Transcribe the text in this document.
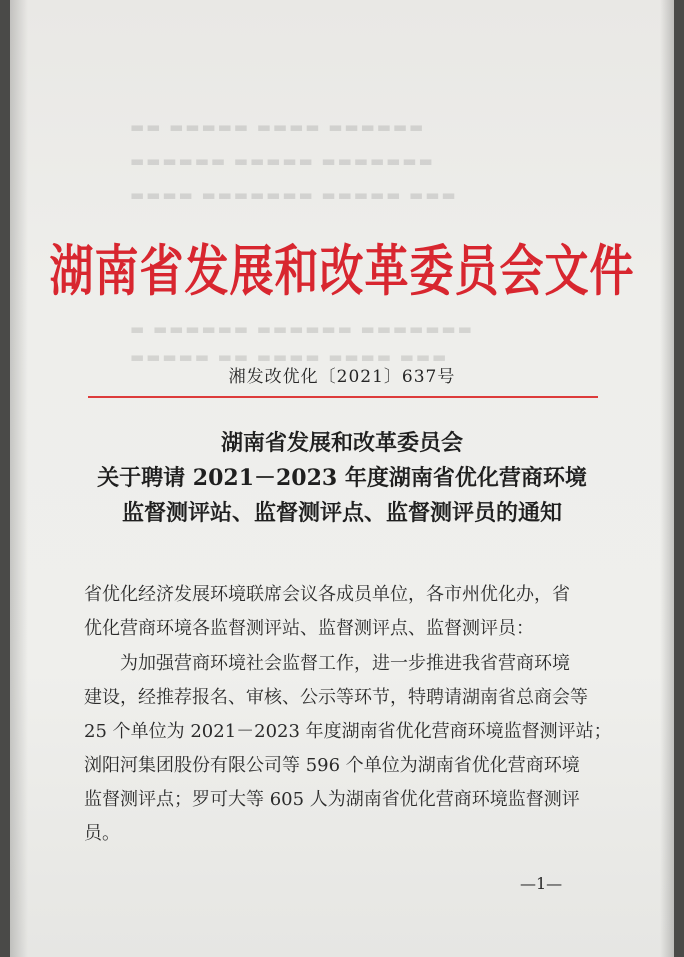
▬▬ ▬▬▬▬▬ ▬▬▬▬ ▬▬▬▬▬▬
▬▬▬▬▬▬ ▬▬▬▬▬ ▬▬▬▬▬▬▬
▬▬▬▬ ▬▬▬▬▬▬▬ ▬▬▬▬▬ ▬▬▬
▬ ▬▬▬▬▬▬ ▬▬▬▬▬▬ ▬▬▬▬▬▬▬
▬▬▬▬▬ ▬▬ ▬▬▬▬ ▬▬▬▬ ▬▬▬
湖南省发展和改革委员会文件
湘发改优化〔2021〕637号
湖南省发展和改革委员会
关于聘请 2021－2023 年度湖南省优化营商环境
监督测评站、监督测评点、监督测评员的通知
省优化经济发展环境联席会议各成员单位，各市州优化办，省
优化营商环境各监督测评站、监督测评点、监督测评员：
为加强营商环境社会监督工作，进一步推进我省营商环境
建设，经推荐报名、审核、公示等环节，特聘请湖南省总商会等
25 个单位为 2021－2023 年度湖南省优化营商环境监督测评站；
浏阳河集团股份有限公司等 596 个单位为湖南省优化营商环境
监督测评点；罗可大等 605 人为湖南省优化营商环境监督测评
员。
—1—
